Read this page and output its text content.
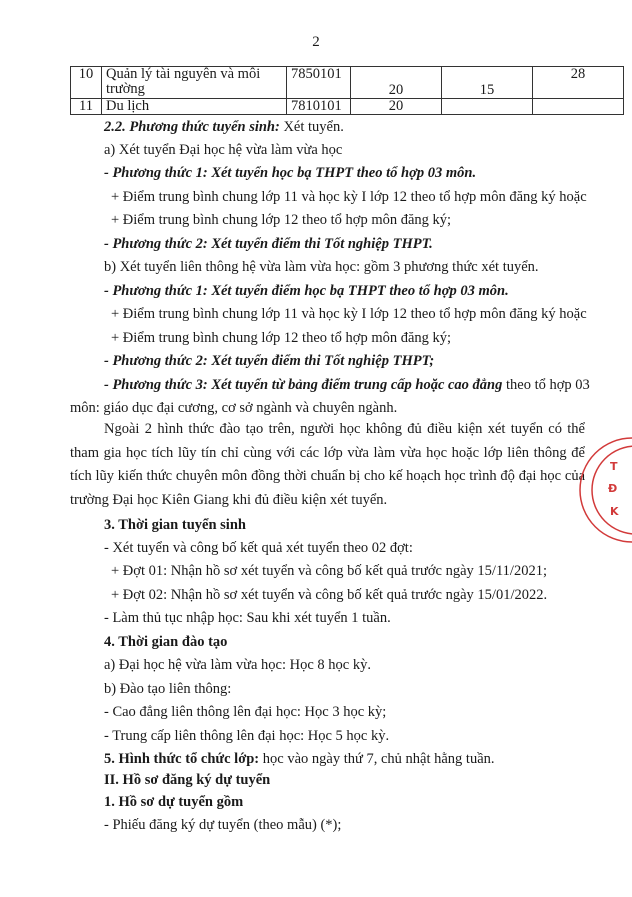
2
10	Quản lý tài nguyên và môi trường	7850101	20	15	28
11	Du lịch	7810101	20		
2.2. Phương thức tuyển sinh: Xét tuyển.
a) Xét tuyển Đại học hệ vừa làm vừa học
- Phương thức 1: Xét tuyển học bạ THPT theo tổ hợp 03 môn.
+ Điểm trung bình chung lớp 11 và học kỳ I lớp 12 theo tổ hợp môn đăng ký hoặc
+ Điểm trung bình chung lớp 12 theo tổ hợp môn đăng ký;
- Phương thức 2: Xét tuyển điểm thi Tốt nghiệp THPT.
b) Xét tuyển liên thông hệ vừa làm vừa học: gồm 3 phương thức xét tuyển.
- Phương thức 1: Xét tuyển điểm học bạ THPT theo tổ hợp 03 môn.
+ Điểm trung bình chung lớp 11 và học kỳ I lớp 12 theo tổ hợp môn đăng ký hoặc
+ Điểm trung bình chung lớp 12 theo tổ hợp môn đăng ký;
- Phương thức 2: Xét tuyển điểm thi Tốt nghiệp THPT;
- Phương thức 3: Xét tuyển từ bảng điểm trung cấp hoặc cao đẳng theo tổ hợp 03
môn: giáo dục đại cương, cơ sở ngành và chuyên ngành.
Ngoài 2 hình thức đào tạo trên, người học không đủ điều kiện xét tuyển có thể tham gia học tích lũy tín chỉ cùng với các lớp vừa làm vừa học hoặc lớp liên thông để tích lũy kiến thức chuyên môn đồng thời chuẩn bị cho kế hoạch học trình độ đại học của trường Đại học Kiên Giang khi đủ điều kiện xét tuyển.
3. Thời gian tuyển sinh
- Xét tuyển và công bố kết quả xét tuyển theo 02 đợt:
+ Đợt 01: Nhận hồ sơ xét tuyển và công bố kết quả trước ngày 15/11/2021;
+ Đợt 02: Nhận hồ sơ xét tuyển và công bố kết quả trước ngày 15/01/2022.
- Làm thủ tục nhập học: Sau khi xét tuyển 1 tuần.
4. Thời gian đào tạo
a) Đại học hệ vừa làm vừa học: Học 8 học kỳ.
b) Đào tạo liên thông:
- Cao đẳng liên thông lên đại học: Học 3 học kỳ;
- Trung cấp liên thông lên đại học: Học 5 học kỳ.
5. Hình thức tổ chức lớp: học vào ngày thứ 7, chủ nhật hằng tuần.
II. Hồ sơ đăng ký dự tuyển
1. Hồ sơ dự tuyển gồm
- Phiếu đăng ký dự tuyển (theo mẫu) (*);
T
Đ
K
